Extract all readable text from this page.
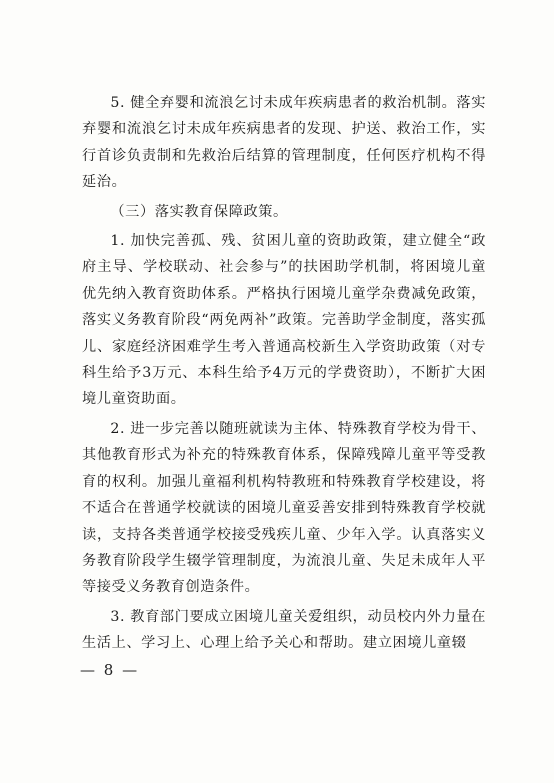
5. 健全弃婴和流浪乞讨未成年疾病患者的救治机制。落实弃婴和流浪乞讨未成年疾病患者的发现、护送、救治工作，实行首诊负责制和先救治后结算的管理制度，任何医疗机构不得延治。

（三）落实教育保障政策。

1. 加快完善孤、残、贫困儿童的资助政策，建立健全“政府主导、学校联动、社会参与”的扶困助学机制，将困境儿童优先纳入教育资助体系。严格执行困境儿童学杂费减免政策，落实义务教育阶段“两免两补”政策。完善助学金制度，落实孤儿、家庭经济困难学生考入普通高校新生入学资助政策（对专科生给予3万元、本科生给予4万元的学费资助），不断扩大困境儿童资助面。

2. 进一步完善以随班就读为主体、特殊教育学校为骨干、其他教育形式为补充的特殊教育体系，保障残障儿童平等受教育的权利。加强儿童福利机构特教班和特殊教育学校建设，将不适合在普通学校就读的困境儿童妥善安排到特殊教育学校就读，支持各类普通学校接受残疾儿童、少年入学。认真落实义务教育阶段学生辍学管理制度，为流浪儿童、失足未成年人平等接受义务教育创造条件。

3. 教育部门要成立困境儿童关爱组织，动员校内外力量在生活上、学习上、心理上给予关心和帮助。建立困境儿童辍

— 8 —
